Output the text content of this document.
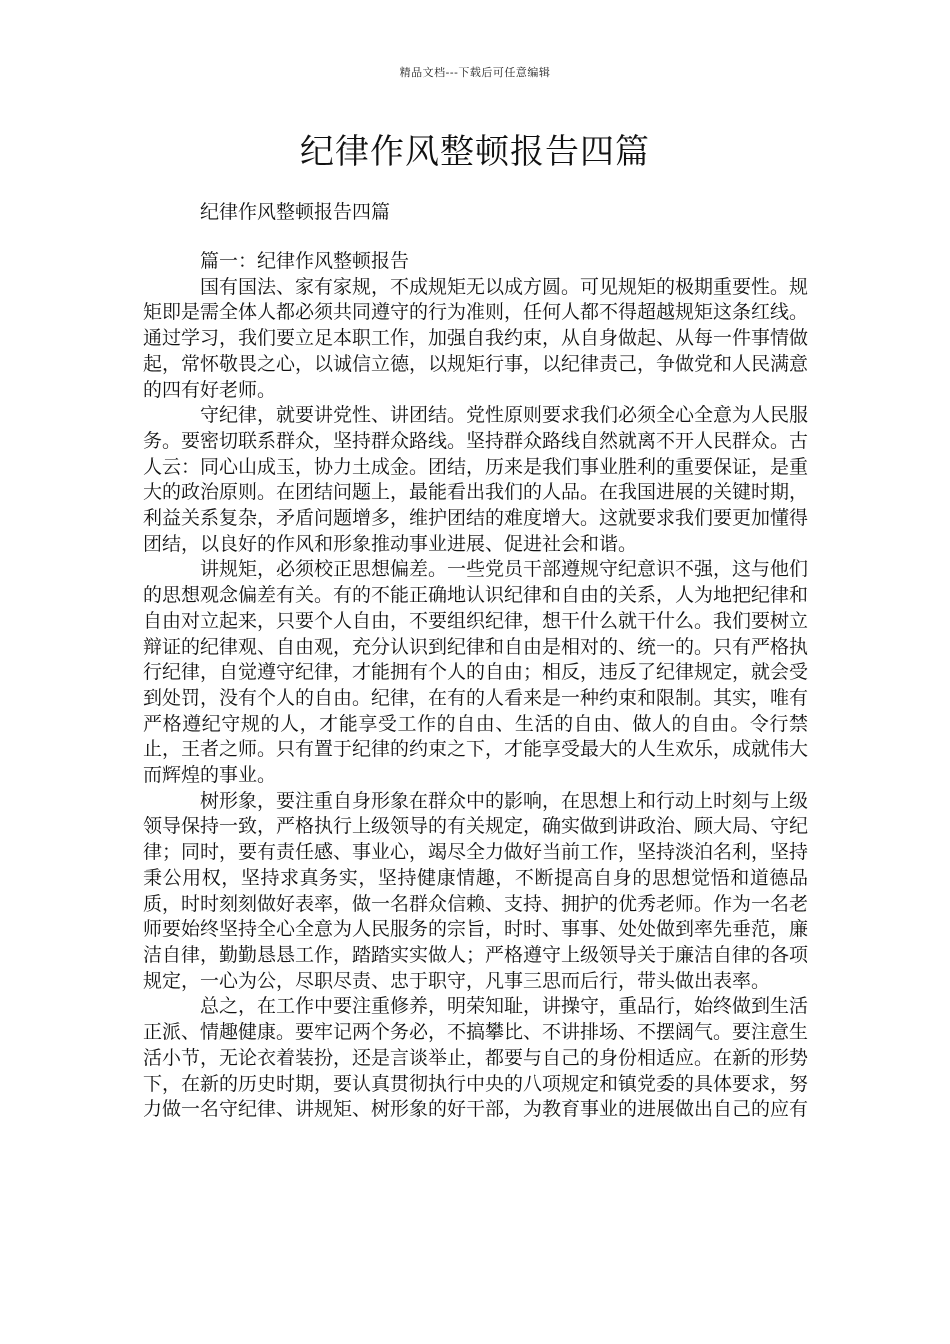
精品文档---下载后可任意编辑
纪律作风整顿报告四篇
纪律作风整顿报告四篇

篇一：纪律作风整顿报告

国有国法、家有家规，不成规矩无以成方圆。可见规矩的极期重要性。规矩即是需全体人都必须共同遵守的行为准则，任何人都不得超越规矩这条红线。通过学习，我们要立足本职工作，加强自我约束，从自身做起、从每一件事情做起，常怀敬畏之心，以诚信立德，以规矩行事，以纪律责己，争做党和人民满意的四有好老师。

守纪律，就要讲党性、讲团结。党性原则要求我们必须全心全意为人民服务。要密切联系群众，坚持群众路线。坚持群众路线自然就离不开人民群众。古人云：同心山成玉，协力土成金。团结，历来是我们事业胜利的重要保证，是重大的政治原则。在团结问题上，最能看出我们的人品。在我国进展的关键时期，利益关系复杂，矛盾问题增多，维护团结的难度增大。这就要求我们要更加懂得团结，以良好的作风和形象推动事业进展、促进社会和谐。

讲规矩，必须校正思想偏差。一些党员干部遵规守纪意识不强，这与他们的思想观念偏差有关。有的不能正确地认识纪律和自由的关系，人为地把纪律和自由对立起来，只要个人自由，不要组织纪律，想干什么就干什么。我们要树立辩证的纪律观、自由观，充分认识到纪律和自由是相对的、统一的。只有严格执行纪律，自觉遵守纪律，才能拥有个人的自由；相反，违反了纪律规定，就会受到处罚，没有个人的自由。纪律，在有的人看来是一种约束和限制。其实，唯有严格遵纪守规的人，才能享受工作的自由、生活的自由、做人的自由。令行禁止，王者之师。只有置于纪律的约束之下，才能享受最大的人生欢乐，成就伟大而辉煌的事业。

树形象，要注重自身形象在群众中的影响，在思想上和行动上时刻与上级领导保持一致，严格执行上级领导的有关规定，确实做到讲政治、顾大局、守纪律；同时，要有责任感、事业心，竭尽全力做好当前工作，坚持淡泊名利，坚持秉公用权，坚持求真务实，坚持健康情趣，不断提高自身的思想觉悟和道德品质，时时刻刻做好表率，做一名群众信赖、支持、拥护的优秀老师。作为一名老师要始终坚持全心全意为人民服务的宗旨，时时、事事、处处做到率先垂范，廉洁自律，勤勤恳恳工作，踏踏实实做人；严格遵守上级领导关于廉洁自律的各项规定，一心为公，尽职尽责、忠于职守，凡事三思而后行，带头做出表率。

总之，在工作中要注重修养，明荣知耻，讲操守，重品行，始终做到生活正派、情趣健康。要牢记两个务必，不搞攀比、不讲排场、不摆阔气。要注意生活小节，无论衣着装扮，还是言谈举止，都要与自己的身份相适应。在新的形势下，在新的历史时期，要认真贯彻执行中央的八项规定和镇党委的具体要求，努力做一名守纪律、讲规矩、树形象的好干部，为教育事业的进展做出自己的应有
